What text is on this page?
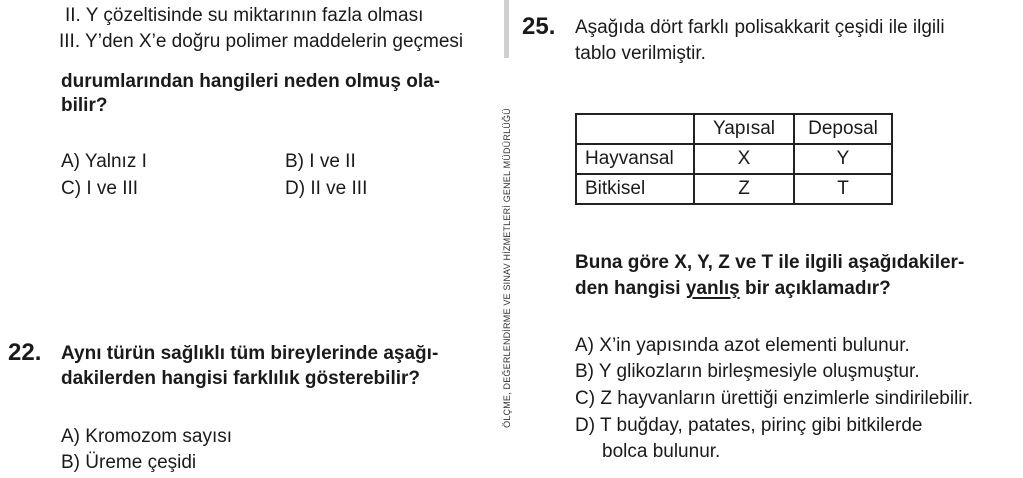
II. Y çözeltisinde su miktarının fazla olması
III. Y’den X’e doğru polimer maddelerin geçmesi
durumlarından hangileri neden olmuş ola-
bilir?
A) Yalnız I	B) I ve II
C) I ve III	D) II ve III
22. Aynı türün sağlıklı tüm bireylerinde aşağı-
dakilerden hangisi farklılık gösterebilir?
A) Kromozom sayısı
B) Üreme çeşidi
ÖLÇME, DEĞERLENDİRME VE SINAV HİZMETLERİ GENEL MÜDÜRLÜĞÜ
25. Aşağıda dört farklı polisakkarit çeşidi ile ilgili
tablo verilmiştir.
	Yapısal	Deposal
Hayvansal	X	Y
Bitkisel	Z	T
Buna göre X, Y, Z ve T ile ilgili aşağıdakiler-
den hangisi yanlış bir açıklamadır?
A) X’in yapısında azot elementi bulunur.
B) Y glikozların birleşmesiyle oluşmuştur.
C) Z hayvanların ürettiği enzimlerle sindirilebilir.
D) T buğday, patates, pirinç gibi bitkilerde
bolca bulunur.
